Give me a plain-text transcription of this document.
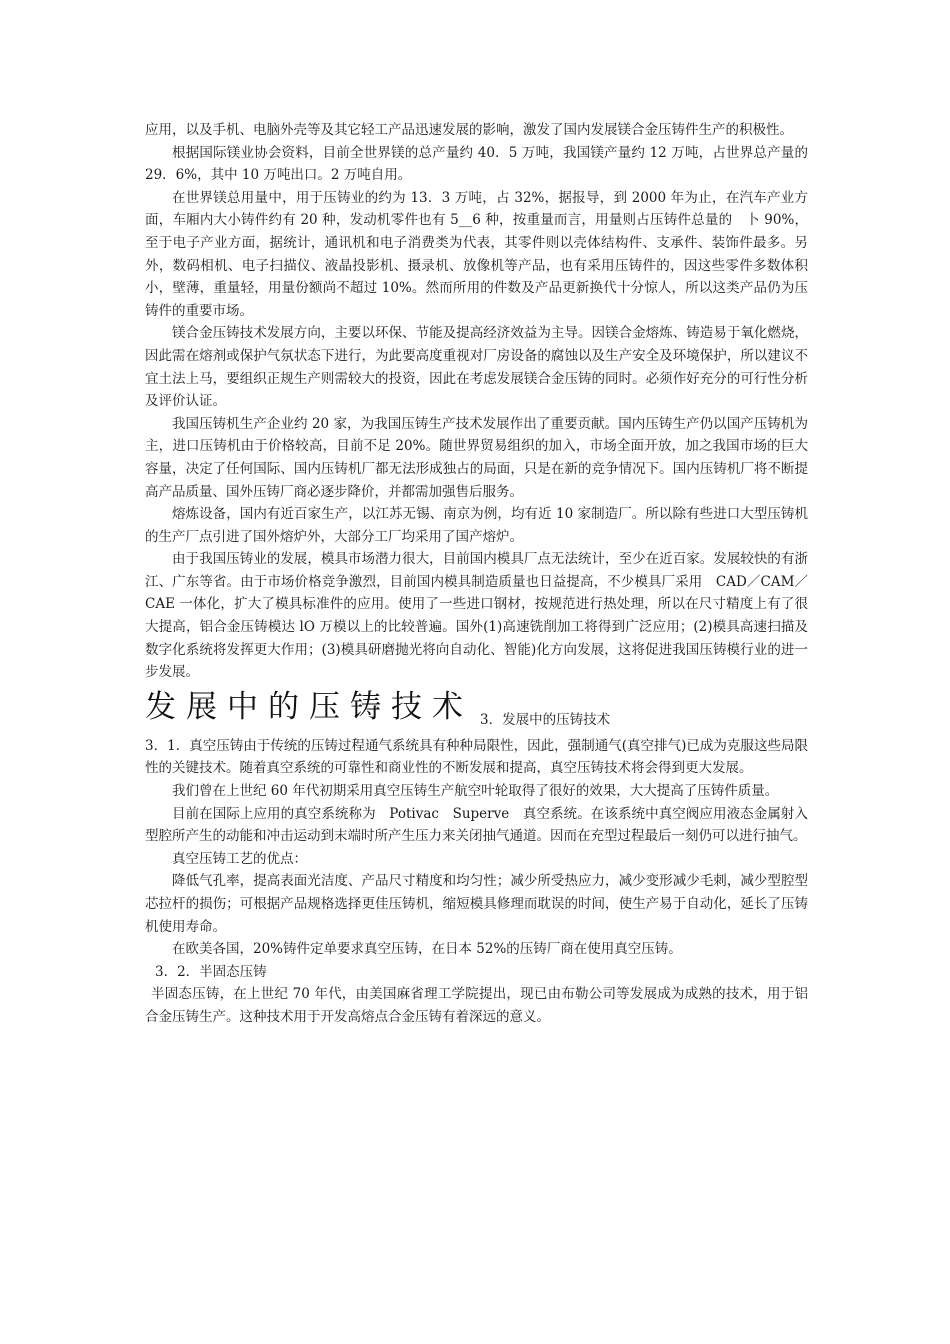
应用，以及手机、电脑外壳等及其它轻工产品迅速发展的影响，激发了国内发展镁合金压铸件生产的积极性。

根据国际镁业协会资料，目前全世界镁的总产量约 40．5 万吨，我国镁产量约 12 万吨，占世界总产量的 29．6%，其中 10 万吨出口。2 万吨自用。

在世界镁总用量中，用于压铸业的约为 13．3 万吨，占 32%，据报导，到 2000 年为止，在汽车产业方面，车厢内大小铸件约有 20 种，发动机零件也有 5__6 种，按重量而言，用量则占压铸件总量的　卜 90%，至于电子产业方面，据统计，通讯机和电子消费类为代表，其零件则以壳体结构件、支承件、装饰件最多。另外，数码相机、电子扫描仪、液晶投影机、摄录机、放像机等产品，也有采用压铸件的，因这些零件多数体积小，壁薄，重量轻，用量份额尚不超过 10%。然而所用的件数及产品更新换代十分惊人，所以这类产品仍为压铸件的重要市场。

镁合金压铸技术发展方向，主要以环保、节能及提高经济效益为主导。因镁合金熔炼、铸造易于氧化燃烧，因此需在熔剂或保护气氛状态下进行，为此要高度重视对厂房设备的腐蚀以及生产安全及环境保护，所以建议不宜土法上马，要组织正规生产则需较大的投资，因此在考虑发展镁合金压铸的同时。必须作好充分的可行性分析及评价认证。

我国压铸机生产企业约 20 家，为我国压铸生产技术发展作出了重要贡献。国内压铸生产仍以国产压铸机为主，进口压铸机由于价格较高，目前不足 20%。随世界贸易组织的加入，市场全面开放，加之我国市场的巨大容量，决定了任何国际、国内压铸机厂都无法形成独占的局面，只是在新的竞争情况下。国内压铸机厂将不断提高产品质量、国外压铸厂商必逐步降价，并都需加强售后服务。

熔炼设备，国内有近百家生产，以江苏无锡、南京为例，均有近 10 家制造厂。所以除有些进口大型压铸机的生产厂点引进了国外熔炉外，大部分工厂均采用了国产熔炉。

由于我国压铸业的发展，模具市场潜力很大，目前国内模具厂点无法统计，至少在近百家。发展较快的有浙江、广东等省。由于市场价格竞争激烈，目前国内模具制造质量也日益提高，不少模具厂采用　CAD／CAM／CAE 一体化，扩大了模具标准件的应用。使用了一些进口钢材，按规范进行热处理，所以在尺寸精度上有了很大提高，铝合金压铸模达 lO 万模以上的比较普遍。国外(1)高速铣削加工将得到广泛应用；(2)模具高速扫描及数字化系统将发挥更大作用；(3)模具研磨抛光将向自动化、智能)化方向发展，这将促进我国压铸模行业的进一步发展。

发展中的压铸技术 3．发展中的压铸技术

3．1．真空压铸由于传统的压铸过程通气系统具有种种局限性，因此，强制通气(真空排气)已成为克服这些局限性的关键技术。随着真空系统的可靠性和商业性的不断发展和提高，真空压铸技术将会得到更大发展。

我们曾在上世纪 60 年代初期采用真空压铸生产航空叶轮取得了很好的效果，大大提高了压铸件质量。

目前在国际上应用的真空系统称为　Potivac　Superve　真空系统。在该系统中真空阀应用液态金属射入型腔所产生的动能和冲击运动到末端时所产生压力来关闭抽气通道。因而在充型过程最后一刻仍可以进行抽气。

真空压铸工艺的优点：

降低气孔率，提高表面光洁度、产品尺寸精度和均匀性；减少所受热应力，减少变形减少毛刺，减少型腔型芯拉杆的损伤；可根据产品规格选择更佳压铸机，缩短模具修理而耽误的时间，使生产易于自动化，延长了压铸机使用寿命。

在欧美各国，20%铸件定单要求真空压铸，在日本 52%的压铸厂商在使用真空压铸。

3．2．半固态压铸

半固态压铸，在上世纪 70 年代，由美国麻省理工学院提出，现已由布勒公司等发展成为成熟的技术，用于铝合金压铸生产。这种技术用于开发高熔点合金压铸有着深远的意义。
